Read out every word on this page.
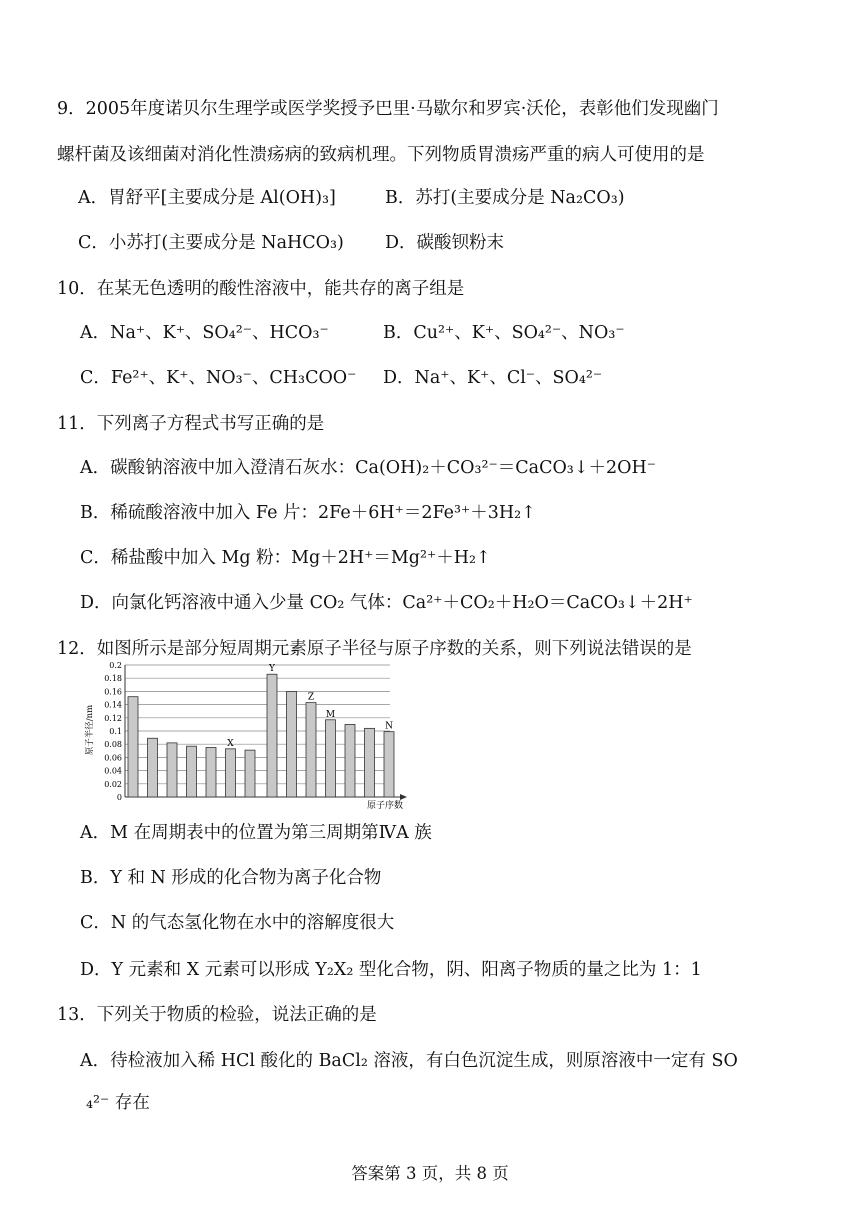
9．2005年度诺贝尔生理学或医学奖授予巴里·马歇尔和罗宾·沃伦，表彰他们发现幽门
螺杆菌及该细菌对消化性溃疡病的致病机理。下列物质胃溃疡严重的病人可使用的是
A．胃舒平[主要成分是 Al(OH)₃]	B．苏打(主要成分是 Na₂CO₃)
C．小苏打(主要成分是 NaHCO₃) D．碳酸钡粉末
10．在某无色透明的酸性溶液中，能共存的离子组是
A．Na⁺、K⁺、SO₄²⁻、HCO₃⁻	B．Cu²⁺、K⁺、SO₄²⁻、NO₃⁻
C．Fe²⁺、K⁺、NO₃⁻、CH₃COO⁻ D．Na⁺、K⁺、Cl⁻、SO₄²⁻
11．下列离子方程式书写正确的是
A．碳酸钠溶液中加入澄清石灰水：Ca(OH)₂＋CO₃²⁻＝CaCO₃↓＋2OH⁻
B．稀硫酸溶液中加入 Fe 片：2Fe＋6H⁺＝2Fe³⁺＋3H₂↑
C．稀盐酸中加入 Mg 粉：Mg＋2H⁺＝Mg²⁺＋H₂↑
D．向氯化钙溶液中通入少量 CO₂ 气体：Ca²⁺＋CO₂＋H₂O＝CaCO₃↓＋2H⁺
12．如图所示是部分短周期元素原子半径与原子序数的关系，则下列说法错误的是
原子半径/nm
原子序数
0
0.02
0.04
0.06
0.08
0.1
0.12
0.14
0.16
0.18
0.2
X
Y
Z
M
N
A．M 在周期表中的位置为第三周期第ⅣA 族
B．Y 和 N 形成的化合物为离子化合物
C．N 的气态氢化物在水中的溶解度很大
D．Y 元素和 X 元素可以形成 Y₂X₂ 型化合物，阴、阳离子物质的量之比为 1：1
13．下列关于物质的检验，说法正确的是
A．待检液加入稀 HCl 酸化的 BaCl₂ 溶液，有白色沉淀生成，则原溶液中一定有 SO
₄²⁻ 存在
答案第 3 页，共 8 页
